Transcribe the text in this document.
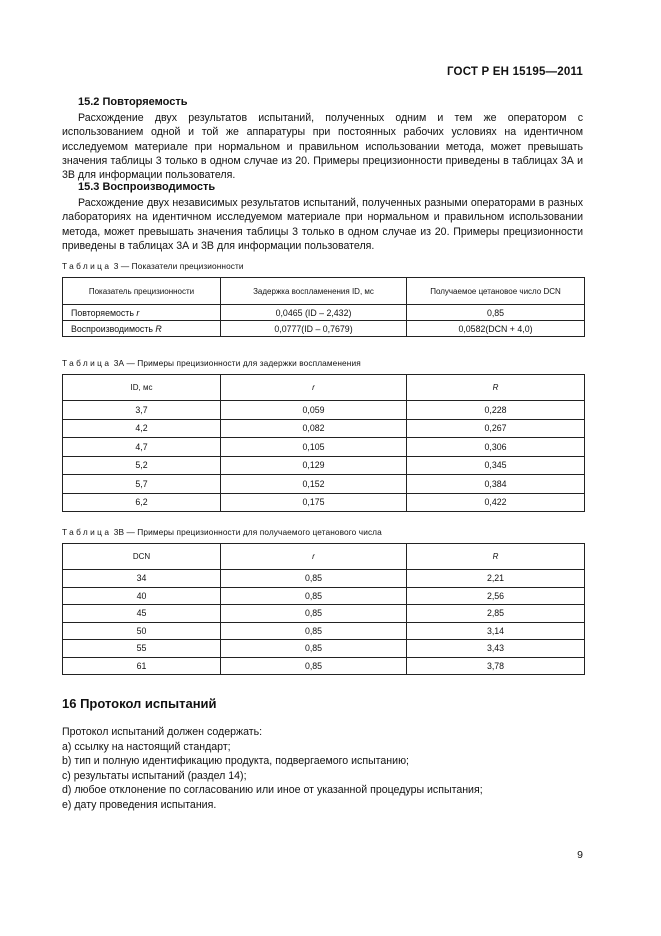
ГОСТ Р ЕН 15195—2011
15.2 Повторяемость

Расхождение двух результатов испытаний, полученных одним и тем же оператором с использованием одной и той же аппаратуры при постоянных рабочих условиях на идентичном исследуемом материале при нормальном и правильном использовании метода, может превышать значения таблицы 3 только в одном случае из 20. Примеры прецизионности приведены в таблицах 3А и 3В для информации пользователя.

15.3 Воспроизводимость

Расхождение двух независимых результатов испытаний, полученных разными операторами в разных лабораториях на идентичном исследуемом материале при нормальном и правильном использовании метода, может превышать значения таблицы 3 только в одном случае из 20. Примеры прецизионности приведены в таблицах 3А и 3В для информации пользователя.

Таблица 3 — Показатели прецизионности
Показатель прецизионности	Задержка воспламенения ID, мс	Получаемое цетановое число DCN
Повторяемость r	0,0465 (ID – 2,432)	0,85
Воспроизводимость R	0,0777(ID – 0,7679)	0,0582(DCN + 4,0)
Таблица 3А — Примеры прецизионности для задержки воспламенения
ID, мс	r	R
3,7	0,059	0,228
4,2	0,082	0,267
4,7	0,105	0,306
5,2	0,129	0,345
5,7	0,152	0,384
6,2	0,175	0,422
Таблица 3В — Примеры прецизионности для получаемого цетанового числа
DCN	r	R
34	0,85	2,21
40	0,85	2,56
45	0,85	2,85
50	0,85	3,14
55	0,85	3,43
61	0,85	3,78
16 Протокол испытаний
Протокол испытаний должен содержать:
a) ссылку на настоящий стандарт;
b) тип и полную идентификацию продукта, подвергаемого испытанию;
c) результаты испытаний (раздел 14);
d) любое отклонение по согласованию или иное от указанной процедуры испытания;
e) дату проведения испытания.
9
